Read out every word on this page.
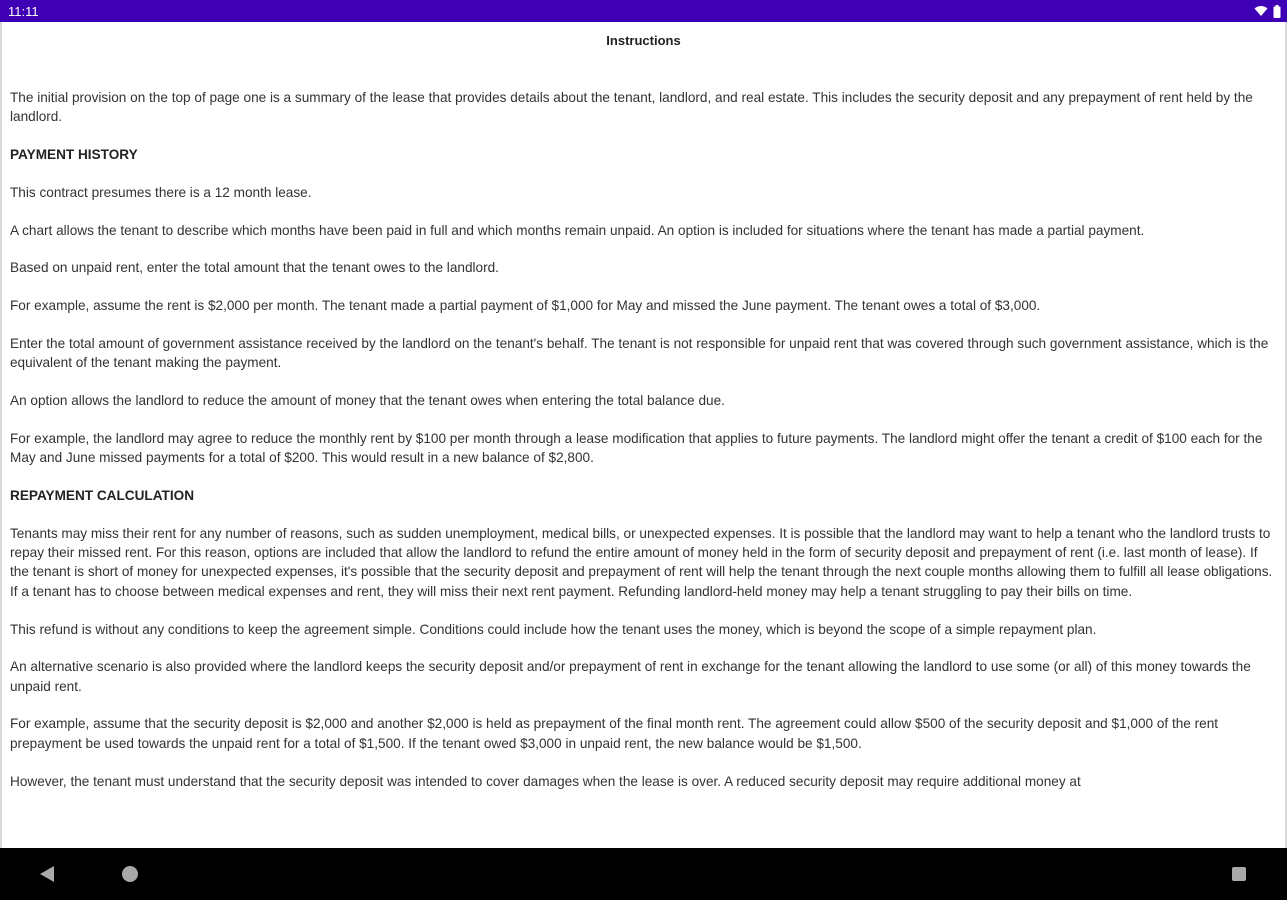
11:11
Instructions

The initial provision on the top of page one is a summary of the lease that provides details about the tenant, landlord, and real estate. This includes the security deposit and any prepayment of rent held by the landlord.

PAYMENT HISTORY

This contract presumes there is a 12 month lease.

A chart allows the tenant to describe which months have been paid in full and which months remain unpaid. An option is included for situations where the tenant has made a partial payment.

Based on unpaid rent, enter the total amount that the tenant owes to the landlord.

For example, assume the rent is $2,000 per month. The tenant made a partial payment of $1,000 for May and missed the June payment. The tenant owes a total of $3,000.

Enter the total amount of government assistance received by the landlord on the tenant's behalf. The tenant is not responsible for unpaid rent that was covered through such government assistance, which is the equivalent of the tenant making the payment.

An option allows the landlord to reduce the amount of money that the tenant owes when entering the total balance due.

For example, the landlord may agree to reduce the monthly rent by $100 per month through a lease modification that applies to future payments. The landlord might offer the tenant a credit of $100 each for the May and June missed payments for a total of $200. This would result in a new balance of $2,800.

REPAYMENT CALCULATION

Tenants may miss their rent for any number of reasons, such as sudden unemployment, medical bills, or unexpected expenses. It is possible that the landlord may want to help a tenant who the landlord trusts to repay their missed rent. For this reason, options are included that allow the landlord to refund the entire amount of money held in the form of security deposit and prepayment of rent (i.e. last month of lease). If the tenant is short of money for unexpected expenses, it's possible that the security deposit and prepayment of rent will help the tenant through the next couple months allowing them to fulfill all lease obligations. If a tenant has to choose between medical expenses and rent, they will miss their next rent payment. Refunding landlord-held money may help a tenant struggling to pay their bills on time.

This refund is without any conditions to keep the agreement simple. Conditions could include how the tenant uses the money, which is beyond the scope of a simple repayment plan.

An alternative scenario is also provided where the landlord keeps the security deposit and/or prepayment of rent in exchange for the tenant allowing the landlord to use some (or all) of this money towards the unpaid rent.

For example, assume that the security deposit is $2,000 and another $2,000 is held as prepayment of the final month rent. The agreement could allow $500 of the security deposit and $1,000 of the rent prepayment be used towards the unpaid rent for a total of $1,500. If the tenant owed $3,000 in unpaid rent, the new balance would be $1,500.

However, the tenant must understand that the security deposit was intended to cover damages when the lease is over. A reduced security deposit may require additional money at
